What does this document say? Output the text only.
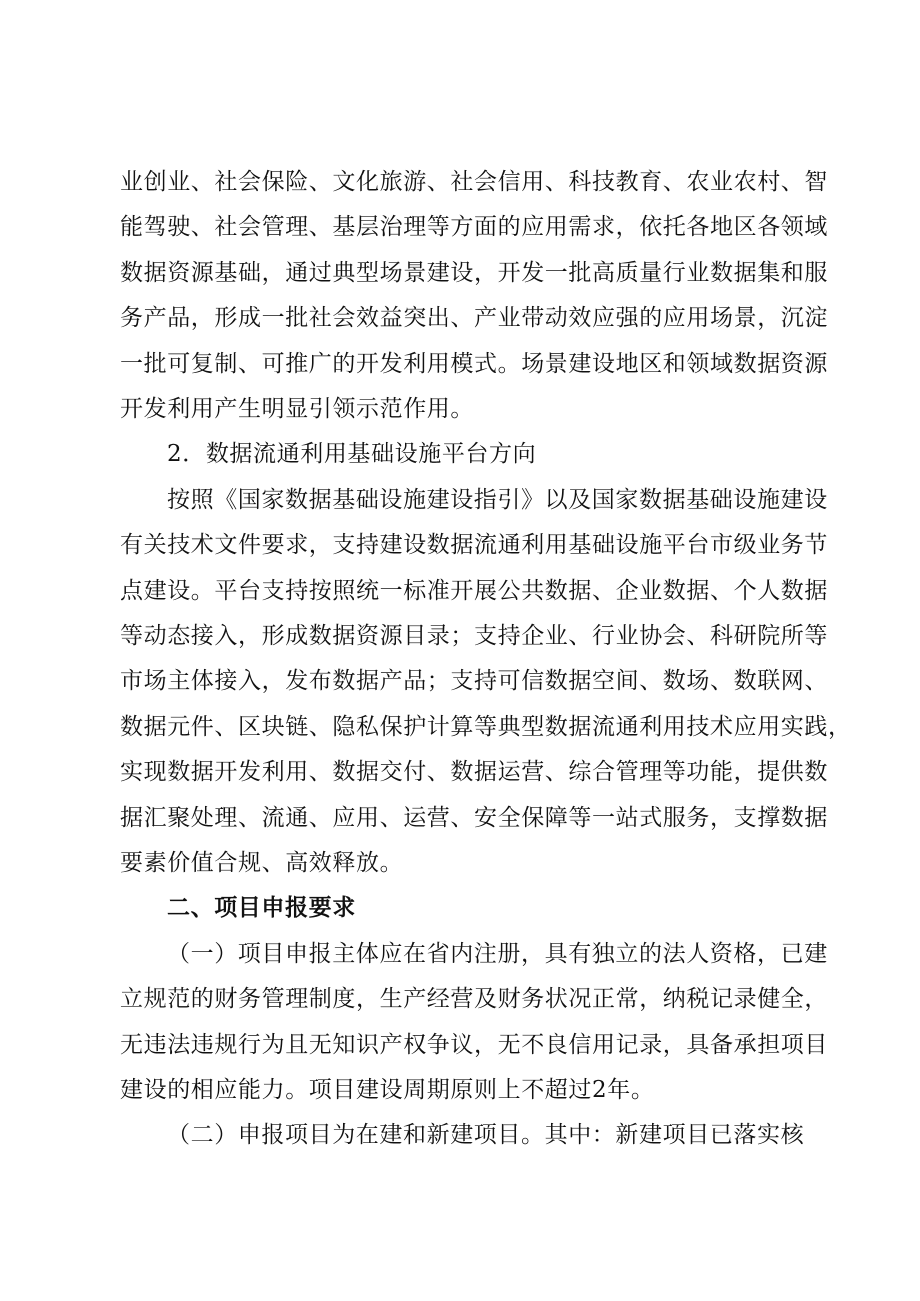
业创业、社会保险、文化旅游、社会信用、科技教育、农业农村、智
能驾驶、社会管理、基层治理等方面的应用需求，依托各地区各领域
数据资源基础，通过典型场景建设，开发一批高质量行业数据集和服
务产品，形成一批社会效益突出、产业带动效应强的应用场景，沉淀
一批可复制、可推广的开发利用模式。场景建设地区和领域数据资源
开发利用产生明显引领示范作用。
2．数据流通利用基础设施平台方向
按照《国家数据基础设施建设指引》以及国家数据基础设施建设
有关技术文件要求，支持建设数据流通利用基础设施平台市级业务节
点建设。平台支持按照统一标准开展公共数据、企业数据、个人数据
等动态接入，形成数据资源目录；支持企业、行业协会、科研院所等
市场主体接入，发布数据产品；支持可信数据空间、数场、数联网、
数据元件、区块链、隐私保护计算等典型数据流通利用技术应用实践，
实现数据开发利用、数据交付、数据运营、综合管理等功能，提供数
据汇聚处理、流通、应用、运营、安全保障等一站式服务，支撑数据
要素价值合规、高效释放。
二、项目申报要求
（一）项目申报主体应在省内注册，具有独立的法人资格，已建
立规范的财务管理制度，生产经营及财务状况正常，纳税记录健全，
无违法违规行为且无知识产权争议，无不良信用记录，具备承担项目
建设的相应能力。项目建设周期原则上不超过2年。
（二）申报项目为在建和新建项目。其中：新建项目已落实核
